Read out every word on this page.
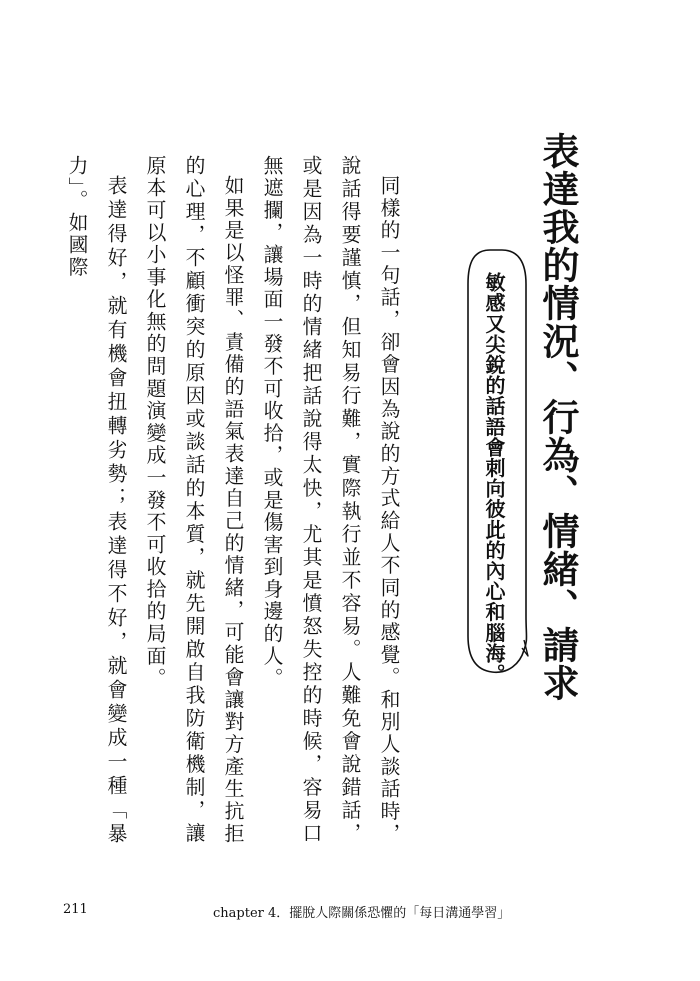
表達我的情況、行為、情緒、請求
敏感又尖銳的話語會刺向彼此的內心和腦海。

同樣的一句話，卻會因為說的方式給人不同的感覺。和別人談話時，說話得要謹慎，但知易行難，實際執行並不容易。人難免會說錯話，或是因為一時的情緒把話說得太快，尤其是憤怒失控的時候，容易口無遮攔，讓場面一發不可收拾，或是傷害到身邊的人。

如果是以怪罪、責備的語氣表達自己的情緒，可能會讓對方產生抗拒的心理，不顧衝突的原因或談話的本質，就先開啟自我防衛機制，讓原本可以小事化無的問題演變成一發不可收拾的局面。

表達得好，就有機會扭轉劣勢；表達得不好，就會變成一種「暴力」。如國際

211	chapter 4．擺脫人際關係恐懼的「每日溝通學習」
